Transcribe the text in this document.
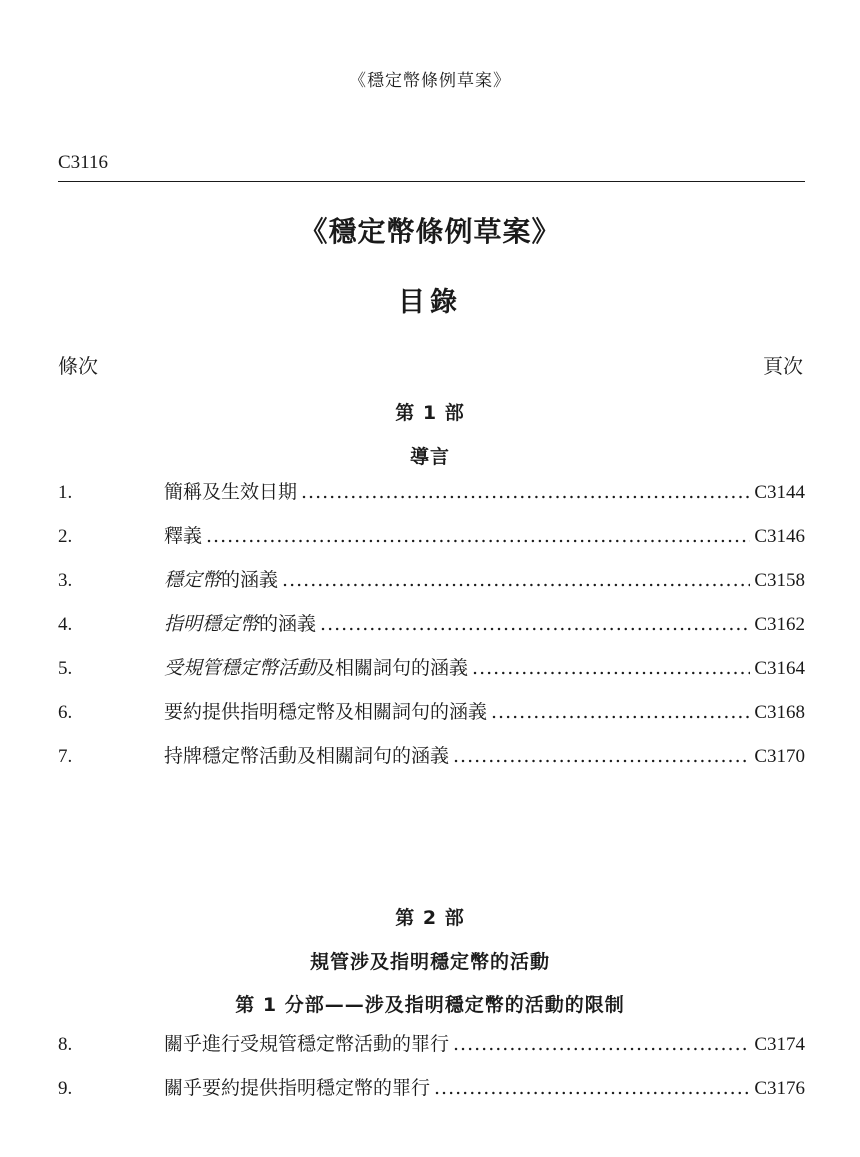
《穩定幣條例草案》
C3116
《穩定幣條例草案》
目錄
條次	頁次
第 1 部
導言
1.	簡稱及生效日期 .....	C3144
2.	釋義 .....	C3146
3.	穩定幣的涵義 .....	C3158
4.	指明穩定幣的涵義 .....	C3162
5.	受規管穩定幣活動及相關詞句的涵義 .....	C3164
6.	要約提供指明穩定幣及相關詞句的涵義 .....	C3168
7.	持牌穩定幣活動及相關詞句的涵義 .....	C3170
第 2 部
規管涉及指明穩定幣的活動
第 1 分部——涉及指明穩定幣的活動的限制
8.	關乎進行受規管穩定幣活動的罪行 .....	C3174
9.	關乎要約提供指明穩定幣的罪行 .....	C3176
